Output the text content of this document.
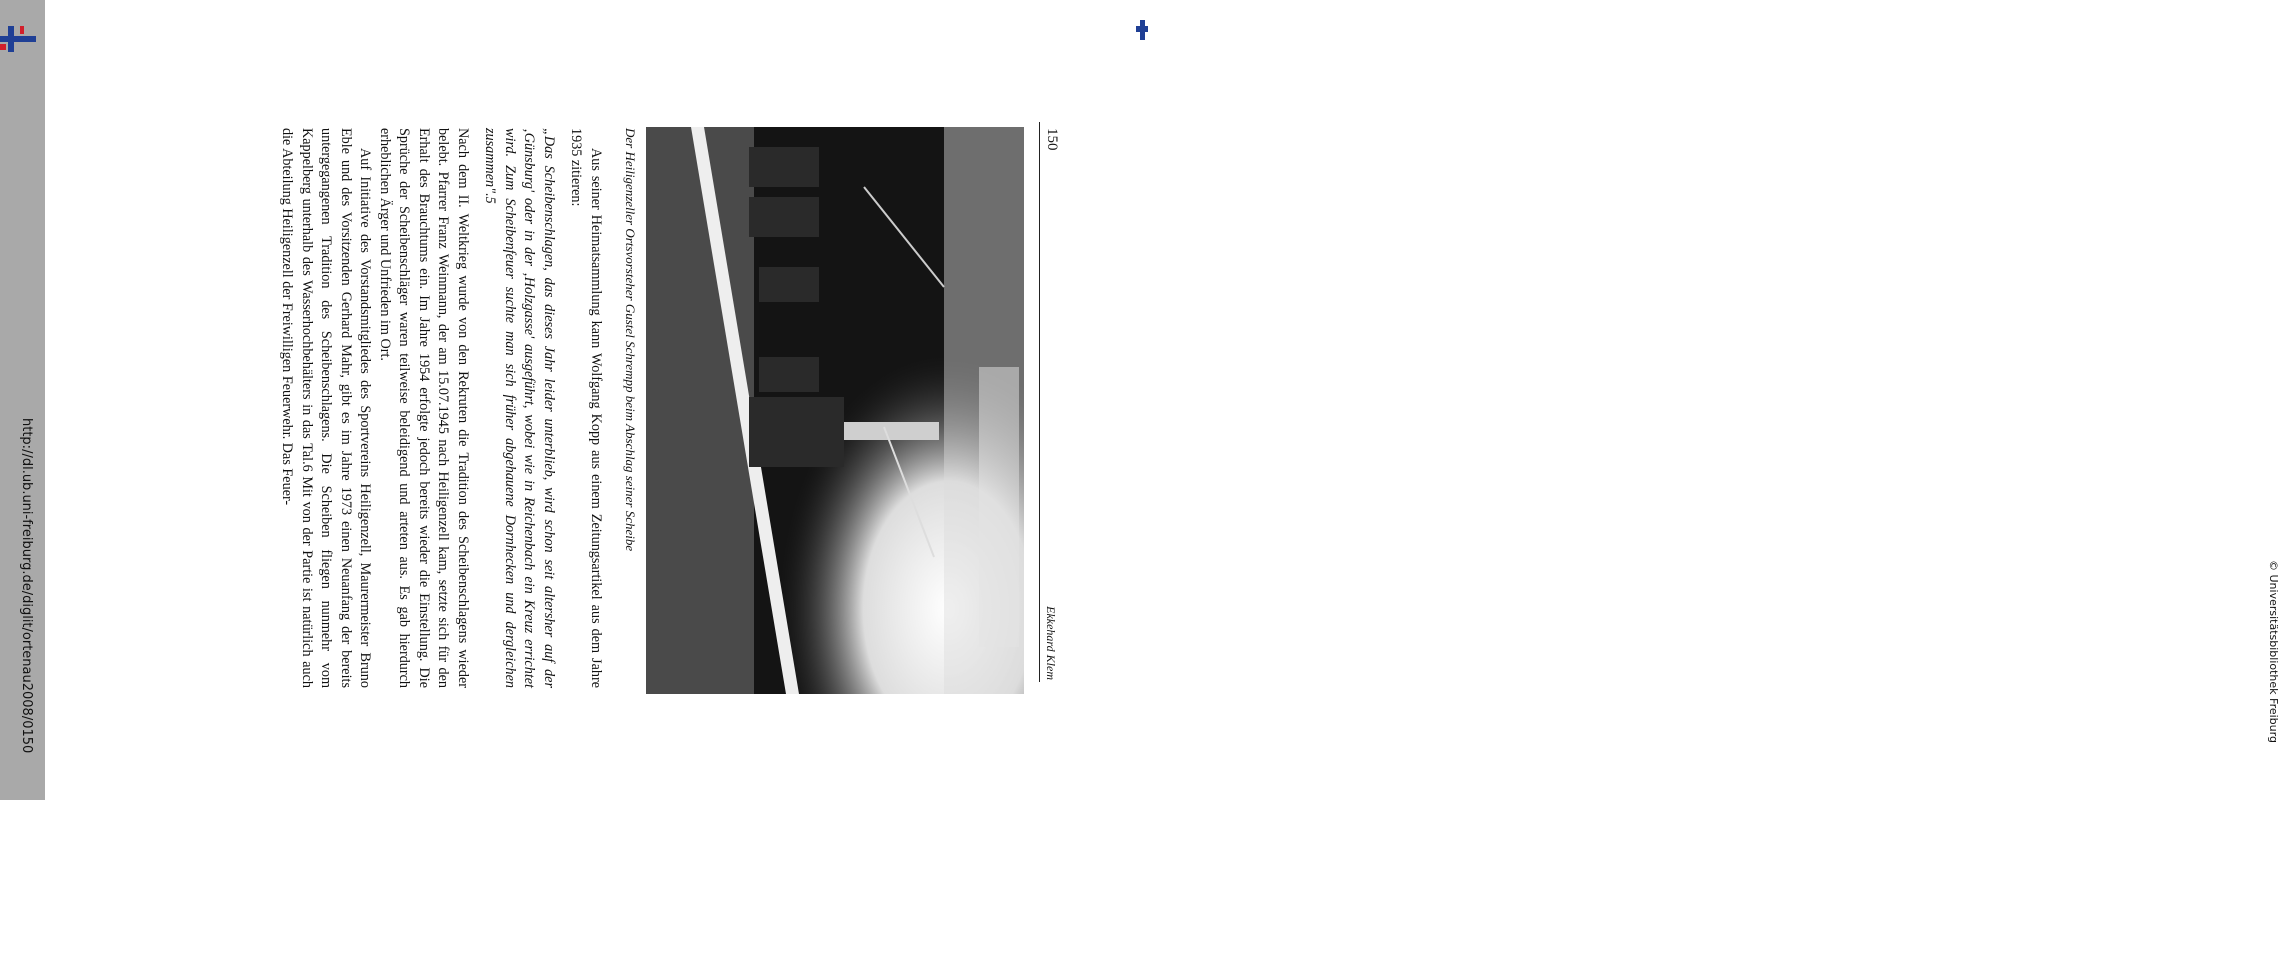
http://dl.ub.uni-freiburg.de/diglit/ortenau2008/0150	© Universitätsbibliothek Freiburg
150
Ekkehard Klem
Der Heiligenzeller Ortsvorsteher Gustel Schrempp beim Abschlag seiner Scheibe

Aus seiner Heimatsammlung kann Wolfgang Kopp aus einem Zeitungsartikel aus dem Jahre 1935 zitieren:

„Das Scheibenschlagen, das dieses Jahr leider unterblieb, wird schon seit altersher auf der ‚Günsburg' oder in der ‚Holzgasse' ausgeführt, wobei wie in Reichenbach ein Kreuz errichtet wird. Zum Scheibenfeuer suchte man sich früher abgehauene Dornhecken und dergleichen zusammen".5

Nach dem II. Weltkrieg wurde von den Rekruten die Tradition des Scheibenschlagens wieder belebt. Pfarrer Franz Weinmann, der am 15.07.1945 nach Heiligenzell kam, setzte sich für den Erhalt des Brauchtums ein. Im Jahre 1954 erfolgte jedoch bereits wieder die Einstellung. Die Sprüche der Scheibenschläger waren teilweise beleidigend und arteten aus. Es gab hierdurch erheblichen Ärger und Unfrieden im Ort.

Auf Initiative des Vorstandsmitgliedes des Sportvereins Heiligenzell, Maurermeister Bruno Eble und des Vorsitzenden Gerhard Mahr, gibt es im Jahre 1973 einen Neuanfang der bereits untergegangenen Tradition des Scheibenschlagens. Die Scheiben fliegen nunmehr vom Kappelberg unterhalb des Wasserhochbehälters in das Tal.6 Mit von der Partie ist natürlich auch die Abteilung Heiligenzell der Freiwilligen Feuerwehr. Das Feuer-
